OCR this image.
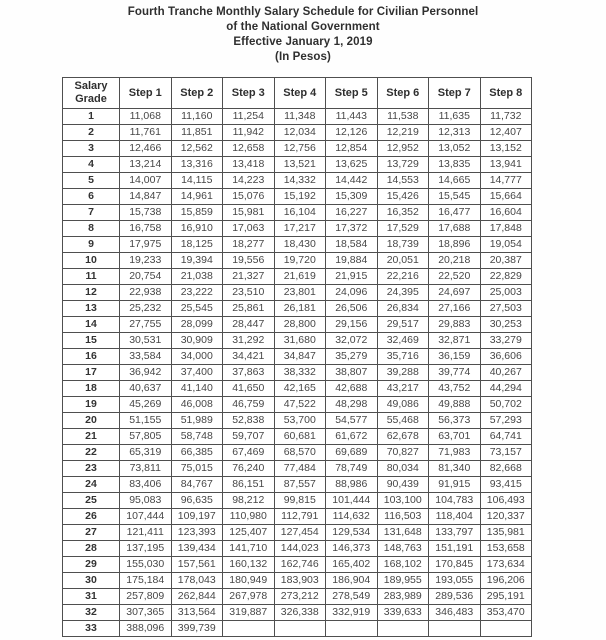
Fourth Tranche Monthly Salary Schedule for Civilian Personnel
of the National Government
Effective January 1, 2019
(In Pesos)
Salary Grade	Step 1	Step 2	Step 3	Step 4	Step 5	Step 6	Step 7	Step 8
1	11,068	11,160	11,254	11,348	11,443	11,538	11,635	11,732
2	11,761	11,851	11,942	12,034	12,126	12,219	12,313	12,407
3	12,466	12,562	12,658	12,756	12,854	12,952	13,052	13,152
4	13,214	13,316	13,418	13,521	13,625	13,729	13,835	13,941
5	14,007	14,115	14,223	14,332	14,442	14,553	14,665	14,777
6	14,847	14,961	15,076	15,192	15,309	15,426	15,545	15,664
7	15,738	15,859	15,981	16,104	16,227	16,352	16,477	16,604
8	16,758	16,910	17,063	17,217	17,372	17,529	17,688	17,848
9	17,975	18,125	18,277	18,430	18,584	18,739	18,896	19,054
10	19,233	19,394	19,556	19,720	19,884	20,051	20,218	20,387
11	20,754	21,038	21,327	21,619	21,915	22,216	22,520	22,829
12	22,938	23,222	23,510	23,801	24,096	24,395	24,697	25,003
13	25,232	25,545	25,861	26,181	26,506	26,834	27,166	27,503
14	27,755	28,099	28,447	28,800	29,156	29,517	29,883	30,253
15	30,531	30,909	31,292	31,680	32,072	32,469	32,871	33,279
16	33,584	34,000	34,421	34,847	35,279	35,716	36,159	36,606
17	36,942	37,400	37,863	38,332	38,807	39,288	39,774	40,267
18	40,637	41,140	41,650	42,165	42,688	43,217	43,752	44,294
19	45,269	46,008	46,759	47,522	48,298	49,086	49,888	50,702
20	51,155	51,989	52,838	53,700	54,577	55,468	56,373	57,293
21	57,805	58,748	59,707	60,681	61,672	62,678	63,701	64,741
22	65,319	66,385	67,469	68,570	69,689	70,827	71,983	73,157
23	73,811	75,015	76,240	77,484	78,749	80,034	81,340	82,668
24	83,406	84,767	86,151	87,557	88,986	90,439	91,915	93,415
25	95,083	96,635	98,212	99,815	101,444	103,100	104,783	106,493
26	107,444	109,197	110,980	112,791	114,632	116,503	118,404	120,337
27	121,411	123,393	125,407	127,454	129,534	131,648	133,797	135,981
28	137,195	139,434	141,710	144,023	146,373	148,763	151,191	153,658
29	155,030	157,561	160,132	162,746	165,402	168,102	170,845	173,634
30	175,184	178,043	180,949	183,903	186,904	189,955	193,055	196,206
31	257,809	262,844	267,978	273,212	278,549	283,989	289,536	295,191
32	307,365	313,564	319,887	326,338	332,919	339,633	346,483	353,470
33	388,096	399,739						
